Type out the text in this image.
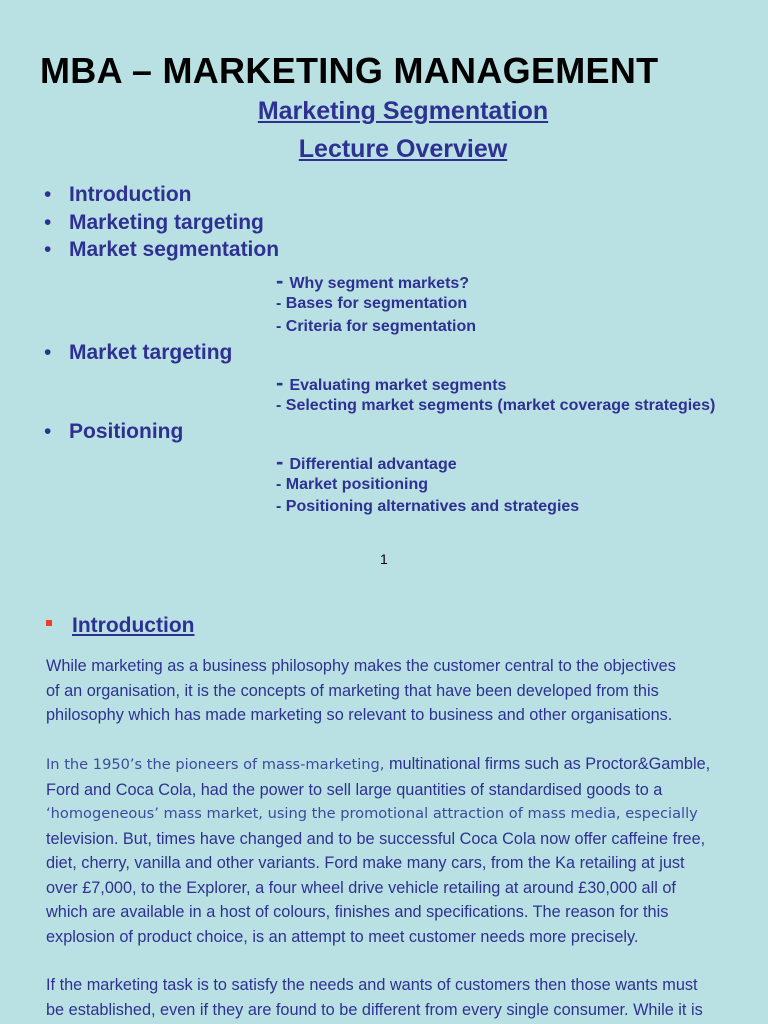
MBA – MARKETING MANAGEMENT
Marketing Segmentation
Lecture Overview
• Introduction
• Marketing targeting
• Market segmentation
- Why segment markets?
- Bases for segmentation
- Criteria for segmentation
• Market targeting
- Evaluating market segments
- Selecting market segments (market coverage strategies)
• Positioning
- Differential advantage
- Market positioning
- Positioning alternatives and strategies
1
Introduction
While marketing as a business philosophy makes the customer central to the objectives
of an organisation, it is the concepts of marketing that have been developed from this
philosophy which has made marketing so relevant to business and other organisations.
In the 1950’s the pioneers of mass-marketing, multinational firms such as Proctor&Gamble,
Ford and Coca Cola, had the power to sell large quantities of standardised goods to a
‘homogeneous’ mass market, using the promotional attraction of mass media, especially
television. But, times have changed and to be successful Coca Cola now offer caffeine free,
diet, cherry, vanilla and other variants. Ford make many cars, from the Ka retailing at just
over £7,000, to the Explorer, a four wheel drive vehicle retailing at around £30,000 all of
which are available in a host of colours, finishes and specifications. The reason for this
explosion of product choice, is an attempt to meet customer needs more precisely.
If the marketing task is to satisfy the needs and wants of customers then those wants must
be established, even if they are found to be different from every single consumer. While it is
